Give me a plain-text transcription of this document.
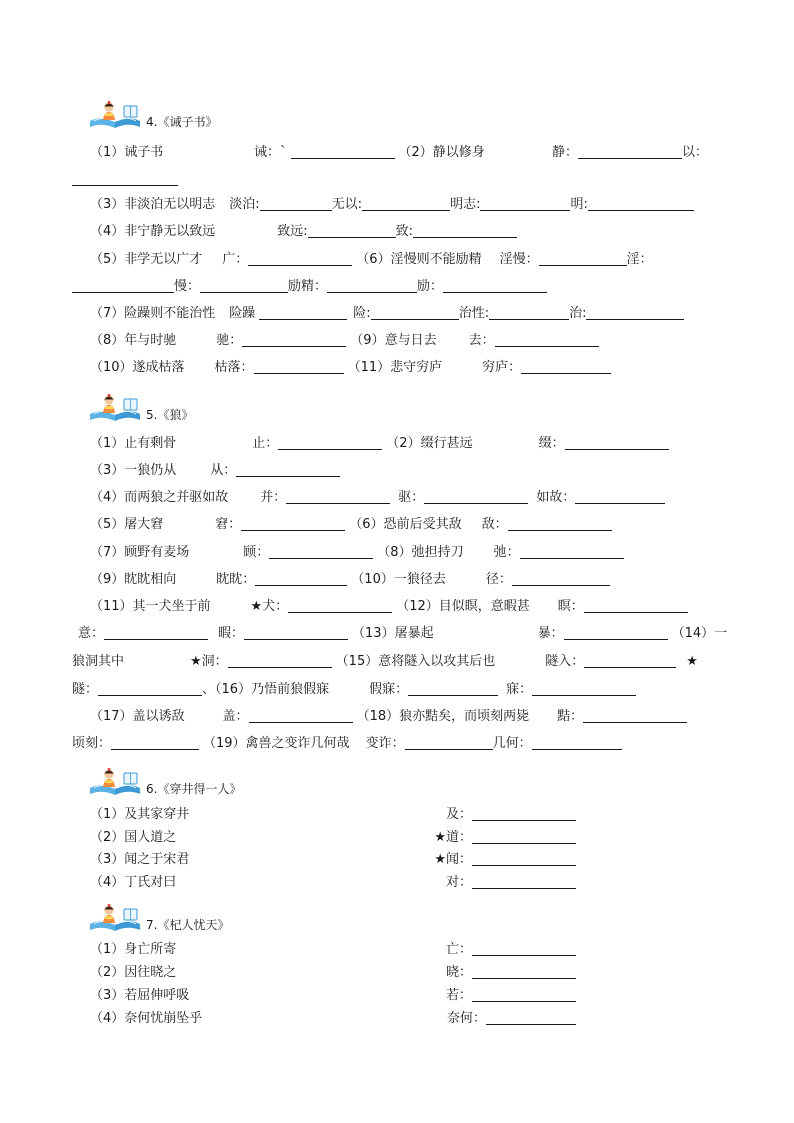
4.《诫子书》
（1）诫子书	诫：`	（2）静以修身	静：	以：
（3）非淡泊无以明志 淡泊:	无以:	明志:	明:
（4）非宁静无以致远	致远:	致:
（5）非学无以广才 广：	（6）淫慢则不能励精 淫慢：	淫：
慢：	励精：	励：
（7）险躁则不能治性 险躁	险:	治性:	治:
（8）年与时驰	驰：	（9）意与日去 去：
（10）遂成枯落 枯落：	（11）悲守穷庐	穷庐：
5.《狼》
（1）止有剩骨	止：	（2）缀行甚远	缀：
（3）一狼仍从	从：
（4）而两狼之并驱如故 并：	驱：	如故：
（5）屠大窘	窘：	（6）恐前后受其敌 敌：
（7）顾野有麦场	顾：	（8）弛担持刀 弛：
（9）眈眈相向	眈眈：	（10）一狼径去	径：
（11）其一犬坐于前	★犬：	（12）目似瞑，意暇甚 瞑：
意：	暇：	（13）屠暴起	暴：	（14）一
狼洞其中	★洞：	（15）意将隧入以攻其后也	隧入：	★
隧：	、（16）乃悟前狼假寐	假寐：	寐：
（17）盖以诱敌	盖：	（18）狼亦黠矣，而顷刻两毙 黠：
顷刻：	（19）禽兽之变诈几何哉 变诈：	几何：
6.《穿井得一人》
（1）及其家穿井	及：
（2）国人道之	★道：
（3）闻之于宋君	★闻：
（4）丁氏对曰	对：
7.《杞人忧天》
（1）身亡所寄	亡：
（2）因往晓之	晓：
（3）若屈伸呼吸	若：
（4）奈何忧崩坠乎	奈何：
